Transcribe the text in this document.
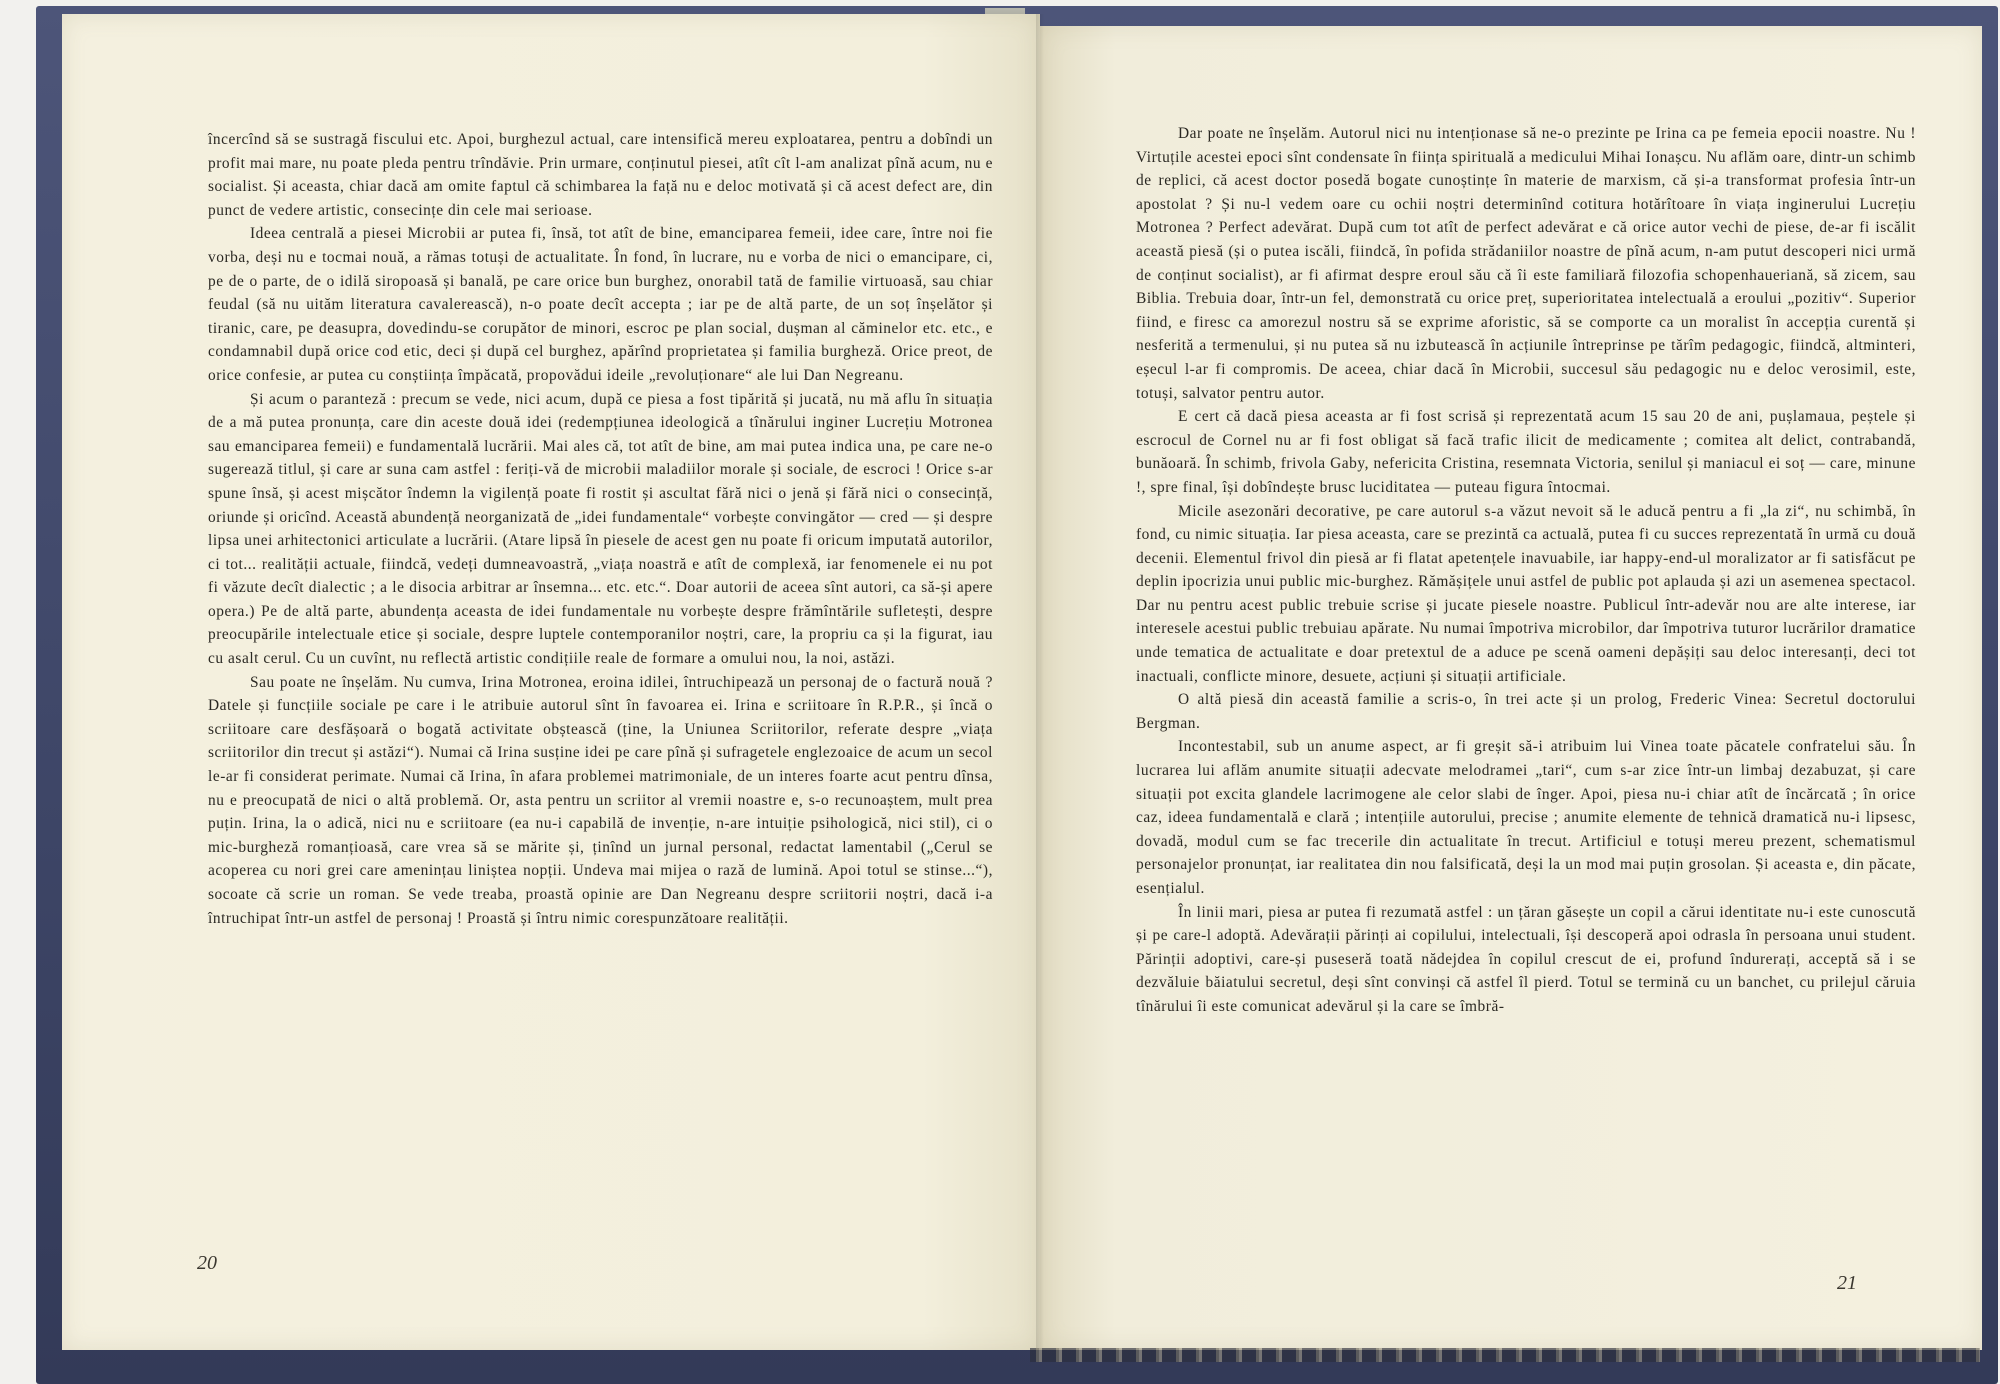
încercînd să se sustragă fiscului etc. Apoi, burghezul actual, care intensifică mereu exploatarea, pentru a dobîndi un profit mai mare, nu poate pleda pentru trîndăvie. Prin urmare, conținutul piesei, atît cît l-am analizat pînă acum, nu e socialist. Și aceasta, chiar dacă am omite faptul că schimbarea la față nu e deloc motivată și că acest defect are, din punct de vedere artistic, consecințe din cele mai serioase.

Ideea centrală a piesei Microbii ar putea fi, însă, tot atît de bine, emanciparea femeii, idee care, între noi fie vorba, deși nu e tocmai nouă, a rămas totuși de actualitate. În fond, în lucrare, nu e vorba de nici o emancipare, ci, pe de o parte, de o idilă siropoasă și banală, pe care orice bun burghez, onorabil tată de familie virtuoasă, sau chiar feudal (să nu uităm literatura cavalerească), n-o poate decît accepta ; iar pe de altă parte, de un soț înșelător și tiranic, care, pe deasupra, dovedindu-se corupător de minori, escroc pe plan social, dușman al căminelor etc. etc., e condamnabil după orice cod etic, deci și după cel burghez, apărînd proprietatea și familia burgheză. Orice preot, de orice confesie, ar putea cu conștiința împăcată, propovădui ideile „revoluționare“ ale lui Dan Negreanu.

Și acum o paranteză : precum se vede, nici acum, după ce piesa a fost tipărită și jucată, nu mă aflu în situația de a mă putea pronunța, care din aceste două idei (redempțiunea ideologică a tînărului inginer Lucrețiu Motronea sau emanciparea femeii) e fundamentală lucrării. Mai ales că, tot atît de bine, am mai putea indica una, pe care ne-o sugerează titlul, și care ar suna cam astfel : feriți-vă de microbii maladiilor morale și sociale, de escroci ! Orice s-ar spune însă, și acest mișcător îndemn la vigilență poate fi rostit și ascultat fără nici o jenă și fără nici o consecință, oriunde și oricînd. Această abundență neorganizată de „idei fundamentale“ vorbește convingător — cred — și despre lipsa unei arhitectonici articulate a lucrării. (Atare lipsă în piesele de acest gen nu poate fi oricum imputată autorilor, ci tot... realității actuale, fiindcă, vedeți dumneavoastră, „viața noastră e atît de complexă, iar fenomenele ei nu pot fi văzute decît dialectic ; a le disocia arbitrar ar însemna... etc. etc.“. Doar autorii de aceea sînt autori, ca să-și apere opera.) Pe de altă parte, abundența aceasta de idei fundamentale nu vorbește despre frămîntările sufletești, despre preocupările intelectuale etice și sociale, despre luptele contemporanilor noștri, care, la propriu ca și la figurat, iau cu asalt cerul. Cu un cuvînt, nu reflectă artistic condițiile reale de formare a omului nou, la noi, astăzi.

Sau poate ne înșelăm. Nu cumva, Irina Motronea, eroina idilei, întruchipează un personaj de o factură nouă ? Datele și funcțiile sociale pe care i le atribuie autorul sînt în favoarea ei. Irina e scriitoare în R.P.R., și încă o scriitoare care desfășoară o bogată activitate obștească (ține, la Uniunea Scriitorilor, referate despre „viața scriitorilor din trecut și astăzi“). Numai că Irina susține idei pe care pînă și sufragetele englezoaice de acum un secol le-ar fi considerat perimate. Numai că Irina, în afara problemei matrimoniale, de un interes foarte acut pentru dînsa, nu e preocupată de nici o altă problemă. Or, asta pentru un scriitor al vremii noastre e, s-o recunoaștem, mult prea puțin. Irina, la o adică, nici nu e scriitoare (ea nu-i capabilă de invenție, n-are intuiție psihologică, nici stil), ci o mic-burgheză romanțioasă, care vrea să se mărite și, ținînd un jurnal personal, redactat lamentabil („Cerul se acoperea cu nori grei care amenințau liniștea nopții. Undeva mai mijea o rază de lumină. Apoi totul se stinse...“), socoate că scrie un roman. Se vede treaba, proastă opinie are Dan Negreanu despre scriitorii noștri, dacă i-a întruchipat într-un astfel de personaj ! Proastă și întru nimic corespunzătoare realității.

20

Dar poate ne înșelăm. Autorul nici nu intenționase să ne-o prezinte pe Irina ca pe femeia epocii noastre. Nu ! Virtuțile acestei epoci sînt condensate în ființa spirituală a medicului Mihai Ionașcu. Nu aflăm oare, dintr-un schimb de replici, că acest doctor posedă bogate cunoștințe în materie de marxism, că și-a transformat profesia într-un apostolat ? Și nu-l vedem oare cu ochii noștri determinînd cotitura hotărîtoare în viața inginerului Lucrețiu Motronea ? Perfect adevărat. După cum tot atît de perfect adevărat e că orice autor vechi de piese, de-ar fi iscălit această piesă (și o putea iscăli, fiindcă, în pofida strădaniilor noastre de pînă acum, n-am putut descoperi nici urmă de conținut socialist), ar fi afirmat despre eroul său că îi este familiară filozofia schopenhaueriană, să zicem, sau Biblia. Trebuia doar, într-un fel, demonstrată cu orice preț, superioritatea intelectuală a eroului „pozitiv“. Superior fiind, e firesc ca amorezul nostru să se exprime aforistic, să se comporte ca un moralist în accepția curentă și nesferită a termenului, și nu putea să nu izbutească în acțiunile întreprinse pe tărîm pedagogic, fiindcă, altminteri, eșecul l-ar fi compromis. De aceea, chiar dacă în Microbii, succesul său pedagogic nu e deloc verosimil, este, totuși, salvator pentru autor.

E cert că dacă piesa aceasta ar fi fost scrisă și reprezentată acum 15 sau 20 de ani, pușlamaua, peștele și escrocul de Cornel nu ar fi fost obligat să facă trafic ilicit de medicamente ; comitea alt delict, contrabandă, bunăoară. În schimb, frivola Gaby, nefericita Cristina, resemnata Victoria, senilul și maniacul ei soț — care, minune !, spre final, își dobîndește brusc luciditatea — puteau figura întocmai.

Micile asezonări decorative, pe care autorul s-a văzut nevoit să le aducă pentru a fi „la zi“, nu schimbă, în fond, cu nimic situația. Iar piesa aceasta, care se prezintă ca actuală, putea fi cu succes reprezentată în urmă cu două decenii. Elementul frivol din piesă ar fi flatat apetențele inavuabile, iar happy-end-ul moralizator ar fi satisfăcut pe deplin ipocrizia unui public mic-burghez. Rămășițele unui astfel de public pot aplauda și azi un asemenea spectacol. Dar nu pentru acest public trebuie scrise și jucate piesele noastre. Publicul într-adevăr nou are alte interese, iar interesele acestui public trebuiau apărate. Nu numai împotriva microbilor, dar împotriva tuturor lucrărilor dramatice unde tematica de actualitate e doar pretextul de a aduce pe scenă oameni depășiți sau deloc interesanți, deci tot inactuali, conflicte minore, desuete, acțiuni și situații artificiale.

O altă piesă din această familie a scris-o, în trei acte și un prolog, Frederic Vinea: Secretul doctorului Bergman.

Incontestabil, sub un anume aspect, ar fi greșit să-i atribuim lui Vinea toate păcatele confratelui său. În lucrarea lui aflăm anumite situații adecvate melodramei „tari“, cum s-ar zice într-un limbaj dezabuzat, și care situații pot excita glandele lacrimogene ale celor slabi de înger. Apoi, piesa nu-i chiar atît de încărcată ; în orice caz, ideea fundamentală e clară ; intențiile autorului, precise ; anumite elemente de tehnică dramatică nu-i lipsesc, dovadă, modul cum se fac trecerile din actualitate în trecut. Artificiul e totuși mereu prezent, schematismul personajelor pronunțat, iar realitatea din nou falsificată, deși la un mod mai puțin grosolan. Și aceasta e, din păcate, esențialul.

În linii mari, piesa ar putea fi rezumată astfel : un țăran găsește un copil a cărui identitate nu-i este cunoscută și pe care-l adoptă. Adevărații părinți ai copilului, intelectuali, își descoperă apoi odrasla în persoana unui student. Părinții adoptivi, care-și puseseră toată nădejdea în copilul crescut de ei, profund îndurerați, acceptă să i se dezvăluie băiatului secretul, deși sînt convinși că astfel îl pierd. Totul se termină cu un banchet, cu prilejul căruia tînărului îi este comunicat adevărul și la care se îmbră-

21
